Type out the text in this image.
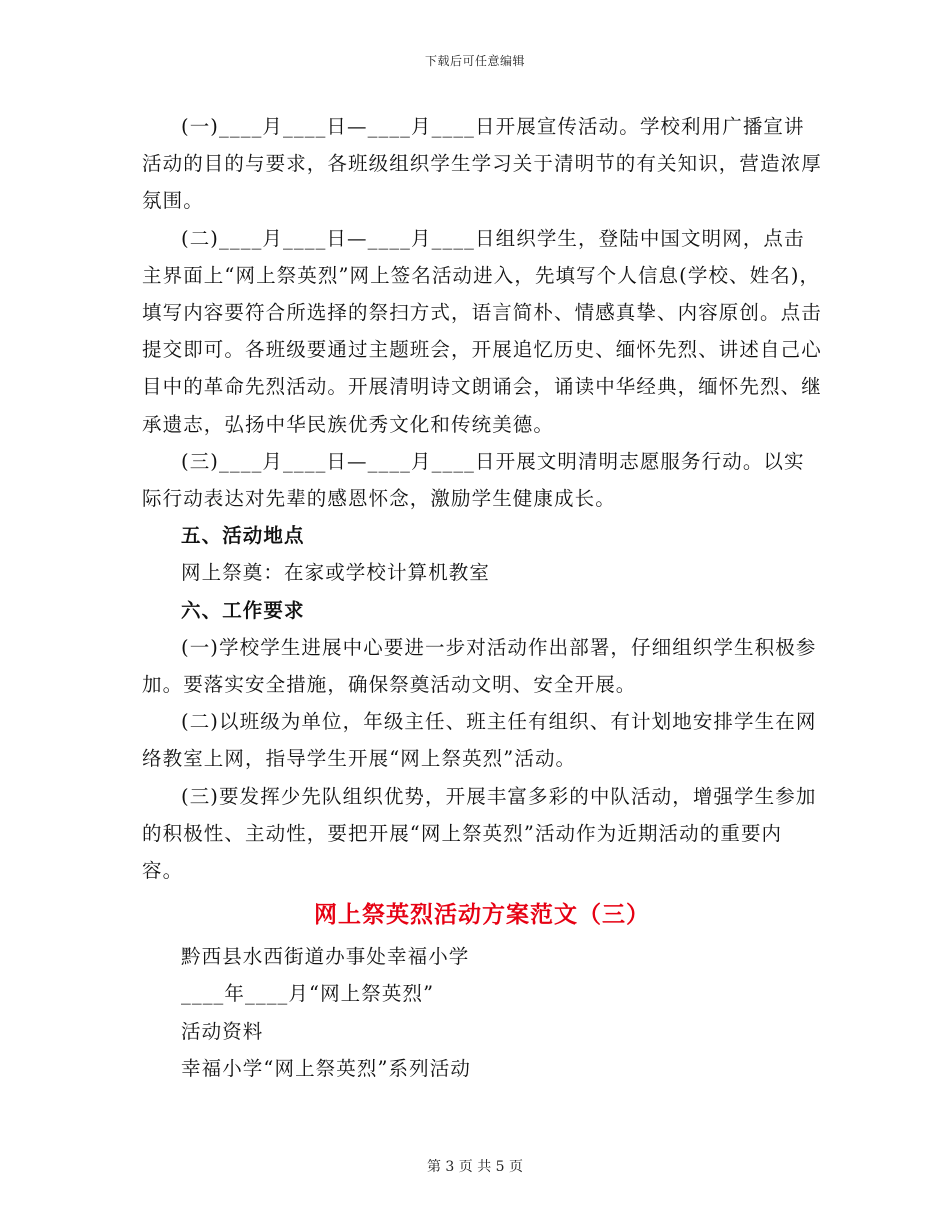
下载后可任意编辑

(一)____月____日—____月____日开展宣传活动。学校利用广播宣讲活动的目的与要求，各班级组织学生学习关于清明节的有关知识，营造浓厚氛围。

(二)____月____日—____月____日组织学生，登陆中国文明网，点击主界面上“网上祭英烈”网上签名活动进入，先填写个人信息(学校、姓名)，填写内容要符合所选择的祭扫方式，语言简朴、情感真挚、内容原创。点击提交即可。各班级要通过主题班会，开展追忆历史、缅怀先烈、讲述自己心目中的革命先烈活动。开展清明诗文朗诵会，诵读中华经典，缅怀先烈、继承遗志，弘扬中华民族优秀文化和传统美德。

(三)____月____日—____月____日开展文明清明志愿服务行动。以实际行动表达对先辈的感恩怀念，激励学生健康成长。

五、活动地点

网上祭奠：在家或学校计算机教室

六、工作要求

(一)学校学生进展中心要进一步对活动作出部署，仔细组织学生积极参加。要落实安全措施，确保祭奠活动文明、安全开展。

(二)以班级为单位，年级主任、班主任有组织、有计划地安排学生在网络教室上网，指导学生开展“网上祭英烈”活动。

(三)要发挥少先队组织优势，开展丰富多彩的中队活动，增强学生参加的积极性、主动性，要把开展“网上祭英烈”活动作为近期活动的重要内容。

网上祭英烈活动方案范文（三）

黔西县水西街道办事处幸福小学

____年____月“网上祭英烈”

活动资料

幸福小学“网上祭英烈”系列活动

第 3 页 共 5 页
